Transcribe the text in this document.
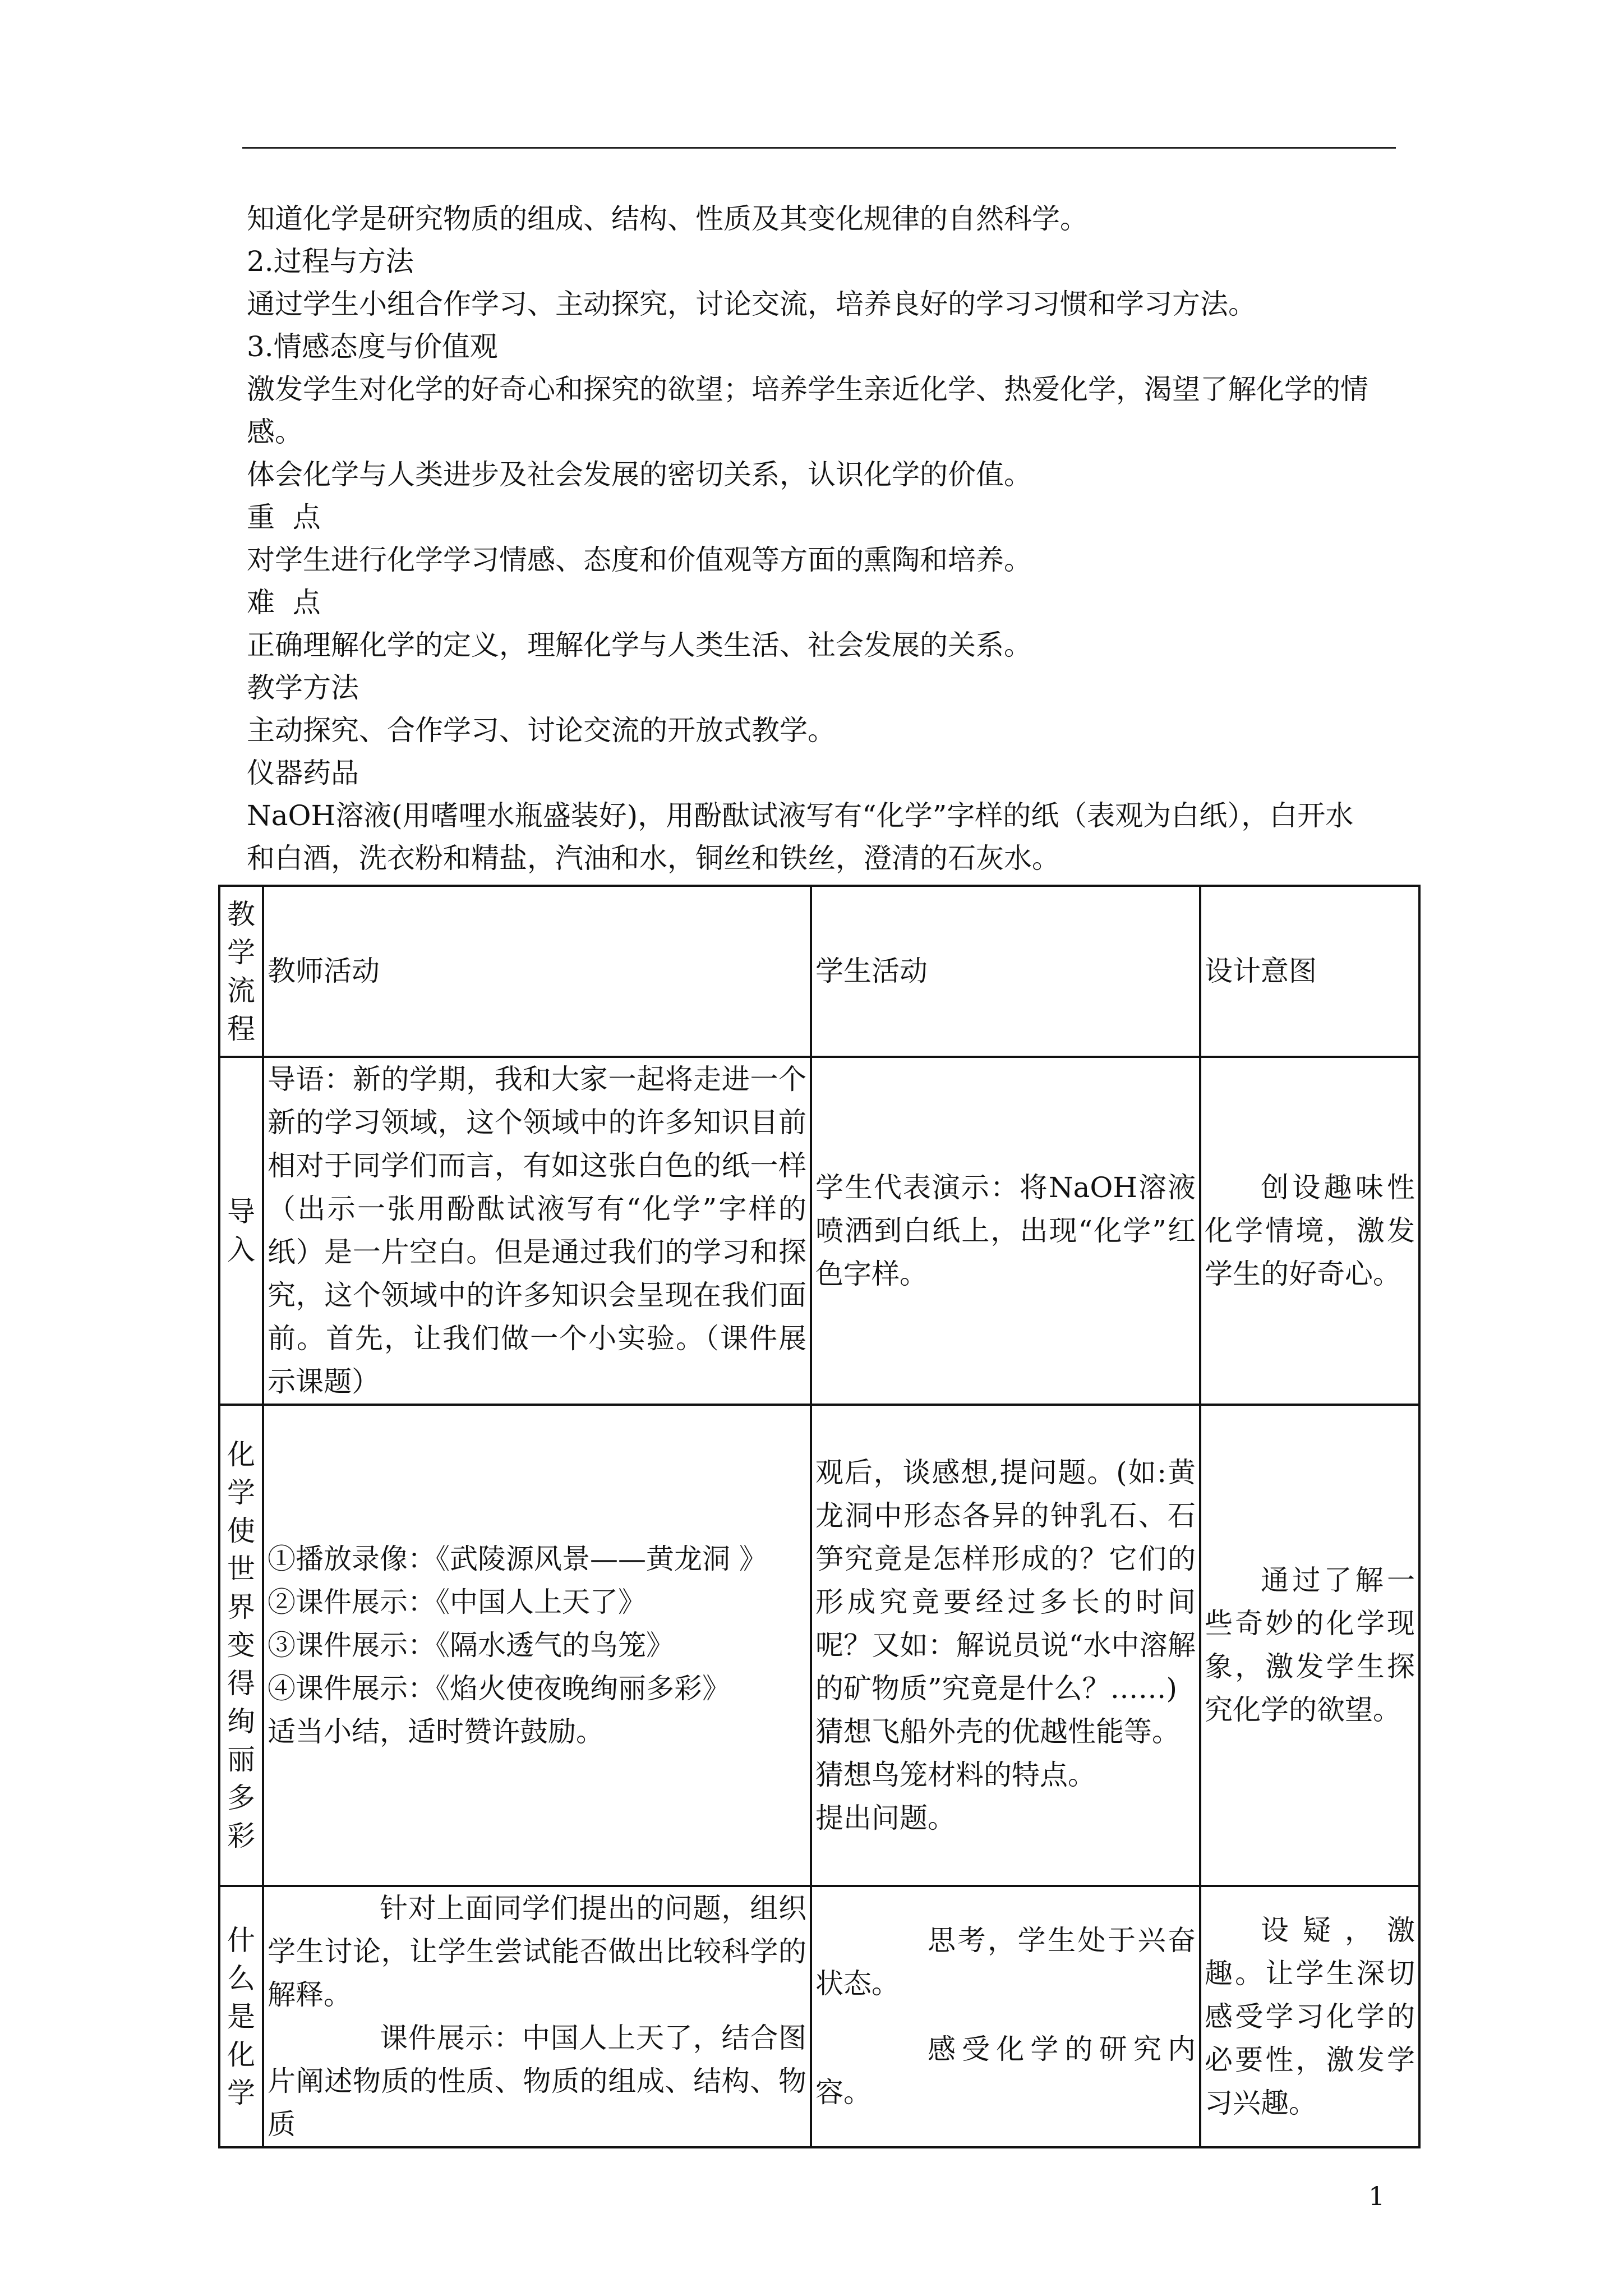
知道化学是研究物质的组成、结构、性质及其变化规律的自然科学。
2.过程与方法
通过学生小组合作学习、主动探究，讨论交流，培养良好的学习习惯和学习方法。
3.情感态度与价值观
激发学生对化学的好奇心和探究的欲望；培养学生亲近化学、热爱化学，渴望了解化学的情
感。
体会化学与人类进步及社会发展的密切关系，认识化学的价值。
重  点
对学生进行化学学习情感、态度和价值观等方面的熏陶和培养。
难  点
正确理解化学的定义，理解化学与人类生活、社会发展的关系。
教学方法
主动探究、合作学习、讨论交流的开放式教学。
仪器药品
NaOH溶液(用嗜哩水瓶盛装好)，用酚酞试液写有“化学”字样的纸（表观为白纸），白开水
和白酒，洗衣粉和精盐，汽油和水，铜丝和铁丝，澄清的石灰水。
教学流程	教师活动	学生活动	设计意图

导入	导语：新的学期，我和大家一起将走进一个新的学习领域，这个领域中的许多知识目前相对于同学们而言，有如这张白色的纸一样（出示一张用酚酞试液写有“化学”字样的纸）是一片空白。但是通过我们的学习和探究，这个领域中的许多知识会呈现在我们面前。首先，让我们做一个小实验。（课件展示课题）	学生代表演示：将NaOH溶液喷洒到白纸上，出现“化学”红色字样。	创设趣味性化学情境，激发学生的好奇心。

化学使世界变得绚丽多彩	①播放录像：《武陵源风景——黄龙洞 》
②课件展示：《中国人上天了》
③课件展示：《隔水透气的鸟笼》
④课件展示：《焰火使夜晚绚丽多彩》
适当小结，适时赞许鼓励。	观后，谈感想,提问题。(如:黄龙洞中形态各异的钟乳石、石笋究竟是怎样形成的？它们的形成究竟要经过多长的时间呢？又如：解说员说“水中溶解的矿物质”究竟是什么？……)
猜想飞船外壳的优越性能等。
猜想鸟笼材料的特点。
提出问题。	通过了解一些奇妙的化学现象，激发学生探究化学的欲望。

什么是化学	针对上面同学们提出的问题，组织学生讨论，让学生尝试能否做出比较科学的解释。
课件展示：中国人上天了，结合图片阐述物质的性质、物质的组成、结构、物质	思考，学生处于兴奋状态。
感受化学的研究内容。	设疑，激趣。让学生深切感受学习化学的必要性，激发学习兴趣。
1
